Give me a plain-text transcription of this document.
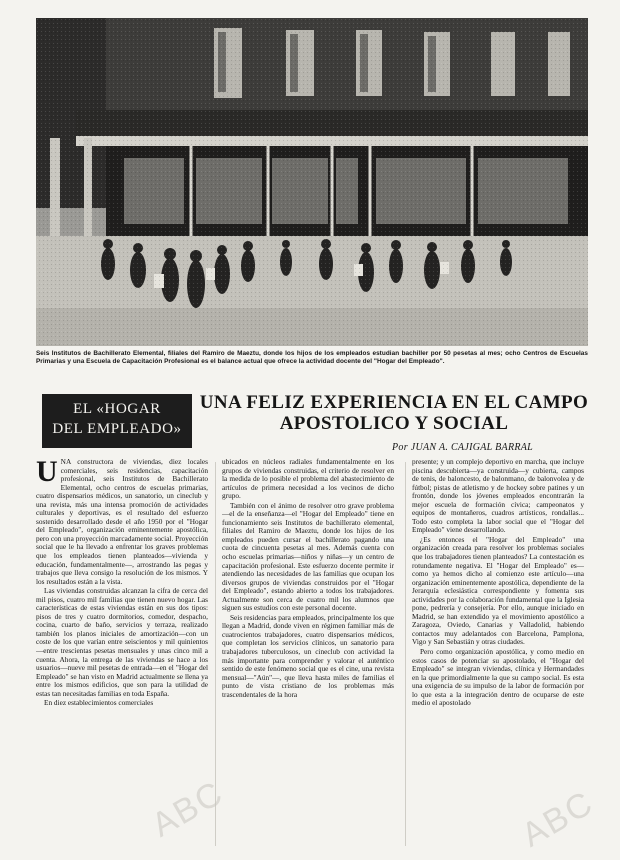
Seis Institutos de Bachillerato Elemental, filiales del Ramiro de Maeztu, donde los hijos de los empleados estudian bachiller por 50 pesetas al mes; ocho Centros de Escuelas Primarias y una Escuela de Capacitación Profesional es el balance actual que ofrece la actividad docente del "Hogar del Empleado".
EL «HOGAR
DEL EMPLEADO»
UNA FELIZ EXPERIENCIA EN EL CAMPO
APOSTOLICO Y SOCIAL
Por JUAN A. CAJIGAL BARRAL

UNA constructora de viviendas, diez locales comerciales, seis residencias, capacitación profesional, seis Institutos de Bachillerato Elemental, ocho centros de escuelas primarias, cuatro dispensarios médicos, un sanatorio, un cineclub y una revista, más una intensa promoción de actividades culturales y deportivas, es el resultado del esfuerzo sostenido desarrollado desde el año 1950 por el "Hogar del Empleado", organización eminentemente apostólica, pero con una proyección marcadamente social. Proyección social que le ha llevado a enfrentar los graves problemas que los empleados tienen planteados—vivienda y educación, fundamentalmente—, arrostrando las pegas y trabajos que lleva consigo la resolución de los mismos. Y los resultados están a la vista.

Las viviendas construidas alcanzan la cifra de cerca del mil pisos, cuatro mil familias que tienen nuevo hogar. Las características de estas viviendas están en sus dos tipos: pisos de tres y cuatro dormitorios, comedor, despacho, cocina, cuarto de baño, servicios y terraza, realizado también los planos iniciales de amortización—con un coste de los que varían entre seiscientos y mil quinientos—entre trescientas pesetas mensuales y unas cinco mil a cuenta. Ahora, la entrega de las viviendas se hace a los usuarios—nueve mil pesetas de entrada—en el "Hogar del Empleado" se han visto en Madrid actualmente se llena ya entre los mismos edificios, que son para la utilidad de estas tan necesitadas familias en toda España.

En diez establecimientos comerciales

ubicados en núcleos radiales fundamentalmente en los grupos de viviendas construidas, el criterio de resolver en la medida de lo posible el problema del abastecimiento de artículos de primera necesidad a los vecinos de dicho grupo.

También con el ánimo de resolver otro grave problema—el de la enseñanza—el "Hogar del Empleado" tiene en funcionamiento seis Institutos de bachillerato elemental, filiales del Ramiro de Maeztu, donde los hijos de los empleados pueden cursar el bachillerato pagando una cuota de cincuenta pesetas al mes. Además cuenta con ocho escuelas primarias—niños y niñas—y un centro de capacitación profesional. Este esfuerzo docente permite ir atendiendo las necesidades de las familias que ocupan los diversos grupos de viviendas construidos por el "Hogar del Empleado", estando abierto a todos los trabajadores. Actualmente son cerca de cuatro mil los alumnos que siguen sus estudios con este personal docente.

Seis residencias para empleados, principalmente los que llegan a Madrid, donde viven en régimen familiar más de cuatrocientos trabajadores, cuatro dispensarios médicos, que completan los servicios clínicos, un sanatorio para trabajadores tuberculosos, un cineclub con actividad la más importante para comprender y valorar el auténtico sentido de este fenómeno social que es el cine, una revista mensual—"Aún"—, que lleva hasta miles de familias el punto de vista cristiano de los problemas más trascendentales de la hora

presente; y un complejo deportivo en marcha, que incluye piscina descubierta—ya construida—y cubierta, campos de tenis, de baloncesto, de balonmano, de balonvolea y de fútbol; pistas de atletismo y de hockey sobre patines y un frontón, donde los jóvenes empleados encontrarán la mejor escuela de formación cívica; campeonatos y equipos de montañeros, cuadros artísticos, rondallas... Todo esto completa la labor social que el "Hogar del Empleado" viene desarrollando.

¿Es entonces el "Hogar del Empleado" una organización creada para resolver los problemas sociales que los trabajadores tienen planteados? La contestación es rotundamente negativa. El "Hogar del Empleado" es—como ya hemos dicho al comienzo este artículo—una organización eminentemente apostólica, dependiente de la Jerarquía eclesiástica correspondiente y fomenta sus actividades por la colaboración fundamental que la Iglesia pone, pedrería y consejería. Por ello, aunque iniciado en Madrid, se han extendido ya el movimiento apostólico a Zaragoza, Oviedo, Canarias y Valladolid, habiendo contactos muy adelantados con Barcelona, Pamplona, Vigo y San Sebastián y otras ciudades.

Pero como organización apostólica, y como medio en estos casos de potenciar su apostolado, el "Hogar del Empleado" se integran viviendas, clínica y Hermandades en la que primordialmente la que su campo social. Es esta una exigencia de su impulso de la labor de formación por lo que esta a la integración dentro de ocuparse de este medio el apostolado

ABC	ABC
